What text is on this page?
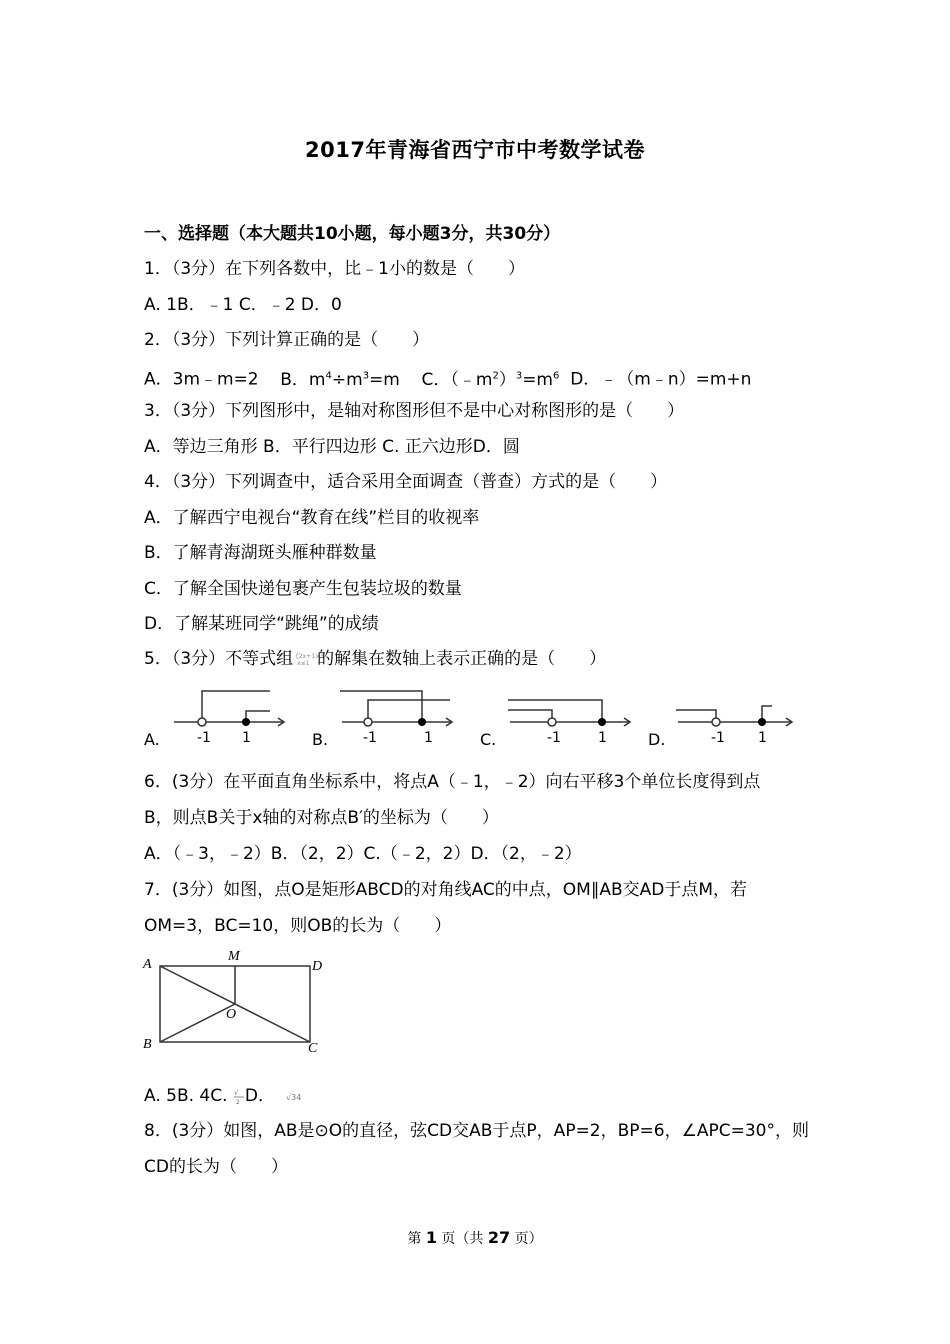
2017年青海省西宁市中考数学试卷
一、选择题（本大题共10小题，每小题3分，共30分）
1．（3分）在下列各数中，比﹣1小的数是（　　）
A. 1B．﹣1 C．﹣2 D．0
2．（3分）下列计算正确的是（　　）
A．3m﹣m=2 B．$m^4\div m^3=m$ C．$(﹣m^2)^3=m^6$ D．﹣（m﹣n）=m+n
3．（3分）下列图形中，是轴对称图形但不是中心对称图形的是（　　）
A．等边三角形 B．平行四边形 C. 正六边形D．圆
4．（3分）下列调查中，适合采用全面调查（普查）方式的是（　　）
A．了解西宁电视台“教育在线”栏目的收视率
B．了解青海湖斑头雁种群数量
C．了解全国快递包裹产生包装垃圾的数量
D．了解某班同学“跳绳”的成绩
5．（3分）不等式组 {2x+1>3
x≤1 的解集在数轴上表示正确的是（　　）
A.	B.	C.	D.
-1 1	-1	1	-1	1	-1 1
6．(3分）在平面直角坐标系中，将点A（﹣1，﹣2）向右平移3个单位长度得到点
B，则点B关于x轴的对称点B′的坐标为（　　）
A．（﹣3，﹣2）B．（2，2）C.（﹣2，2）D．（2，﹣2）
7．(3分）如图，点O是矩形ABCD的对角线AC的中点，OM∥AB交AD于点M，若
OM=3，BC=10，则OB的长为（　　）
A
M
D
O
B	C
A. 5B. 4C. √
2 D． √34
8．(3分）如图，AB是⊙O的直径，弦CD交AB于点P，AP=2，BP=6，∠APC=30°，则
CD的长为（　　）
第 1 页（共 27 页）
